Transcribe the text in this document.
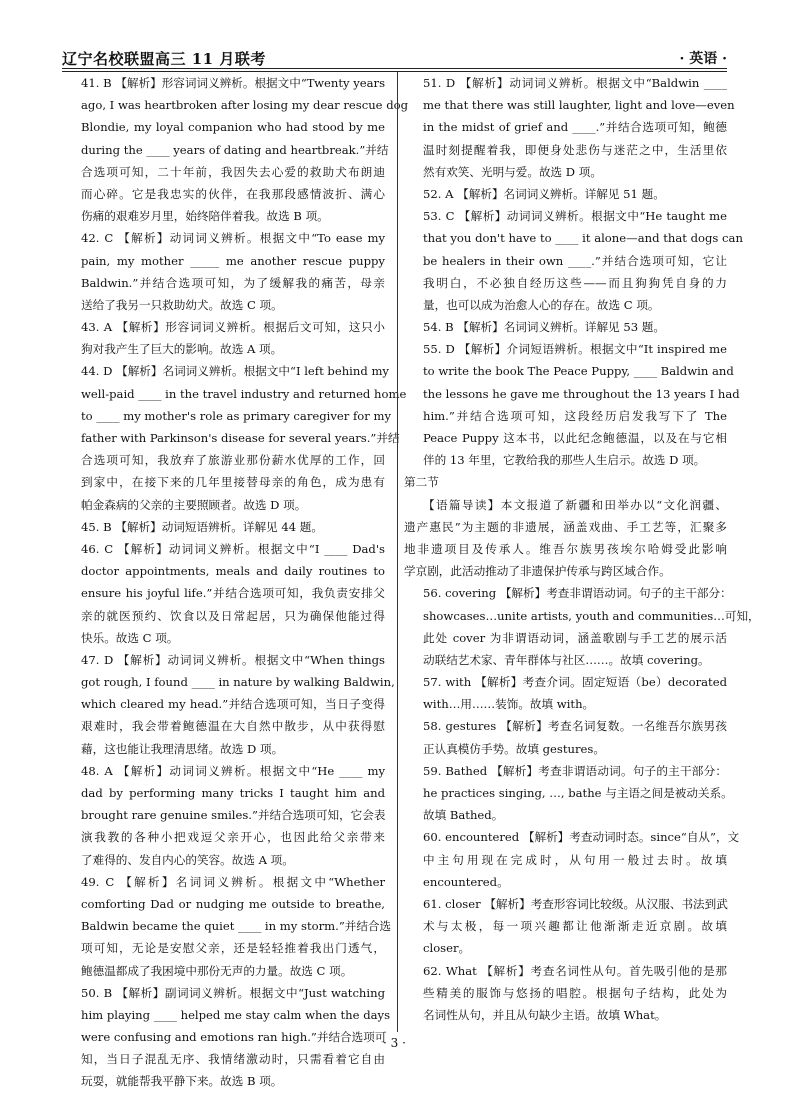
辽宁名校联盟高三 11 月联考	· 英语 ·
41. B 【解析】形容词词义辨析。根据文中“Twenty years
ago, I was heartbroken after losing my dear rescue dog
Blondie, my loyal companion who had stood by me
during the ____ years of dating and heartbreak.”并结
合选项可知，二十年前，我因失去心爱的救助犬布朗迪
而心碎。它是我忠实的伙伴，在我那段感情波折、满心
伤痛的艰难岁月里，始终陪伴着我。故选 B 项。
42. C 【解析】动词词义辨析。根据文中“To ease my
pain, my mother _____ me another rescue puppy
Baldwin.”并结合选项可知，为了缓解我的痛苦，母亲
送给了我另一只救助幼犬。故选 C 项。
43. A 【解析】形容词词义辨析。根据后文可知，这只小
狗对我产生了巨大的影响。故选 A 项。
44. D 【解析】名词词义辨析。根据文中“I left behind my
well-paid ____ in the travel industry and returned home
to ____ my mother's role as primary caregiver for my
father with Parkinson's disease for several years.”并结
合选项可知，我放弃了旅游业那份薪水优厚的工作，回
到家中，在接下来的几年里接替母亲的角色，成为患有
帕金森病的父亲的主要照顾者。故选 D 项。
45. B 【解析】动词短语辨析。详解见 44 题。
46. C 【解析】动词词义辨析。根据文中“I ____ Dad's
doctor appointments, meals and daily routines to
ensure his joyful life.”并结合选项可知，我负责安排父
亲的就医预约、饮食以及日常起居，只为确保他能过得
快乐。故选 C 项。
47. D 【解析】动词词义辨析。根据文中“When things
got rough, I found ____ in nature by walking Baldwin,
which cleared my head.”并结合选项可知，当日子变得
艰难时，我会带着鲍德温在大自然中散步，从中获得慰
藉，这也能让我理清思绪。故选 D 项。
48. A 【解析】动词词义辨析。根据文中“He ____ my
dad by performing many tricks I taught him and
brought rare genuine smiles.”并结合选项可知，它会表
演我教的各种小把戏逗父亲开心，也因此给父亲带来
了难得的、发自内心的笑容。故选 A 项。
49. C 【解析】名词词义辨析。根据文中“Whether
comforting Dad or nudging me outside to breathe,
Baldwin became the quiet ____ in my storm.”并结合选
项可知，无论是安慰父亲，还是轻轻推着我出门透气，
鲍德温都成了我困境中那份无声的力量。故选 C 项。
50. B 【解析】副词词义辨析。根据文中“Just watching
him playing ____ helped me stay calm when the days
were confusing and emotions ran high.”并结合选项可
知，当日子混乱无序、我情绪激动时，只需看着它自由
玩耍，就能帮我平静下来。故选 B 项。
51. D 【解析】动词词义辨析。根据文中“Baldwin ____
me that there was still laughter, light and love—even
in the midst of grief and ____.”并结合选项可知，鲍德
温时刻提醒着我，即便身处悲伤与迷茫之中，生活里依
然有欢笑、光明与爱。故选 D 项。
52. A 【解析】名词词义辨析。详解见 51 题。
53. C 【解析】动词词义辨析。根据文中“He taught me
that you don't have to ____ it alone—and that dogs can
be healers in their own ____.”并结合选项可知，它让
我明白，不必独自经历这些——而且狗狗凭自身的力
量，也可以成为治愈人心的存在。故选 C 项。
54. B 【解析】名词词义辨析。详解见 53 题。
55. D 【解析】介词短语辨析。根据文中“It inspired me
to write the book The Peace Puppy, ____ Baldwin and
the lessons he gave me throughout the 13 years I had
him.”并结合选项可知，这段经历启发我写下了 The
Peace Puppy 这本书，以此纪念鲍德温，以及在与它相
伴的 13 年里，它教给我的那些人生启示。故选 D 项。
第二节
【语篇导读】本文报道了新疆和田举办以“文化润疆、
遗产惠民”为主题的非遗展，涵盖戏曲、手工艺等，汇聚多
地非遗项目及传承人。维吾尔族男孩埃尔哈姆受此影响
学京剧，此活动推动了非遗保护传承与跨区域合作。
56. covering 【解析】考查非谓语动词。句子的主干部分：
showcases…unite artists, youth and communities…可知，
此处 cover 为非谓语动词，涵盖歌剧与手工艺的展示活
动联结艺术家、青年群体与社区……。故填 covering。
57. with 【解析】考查介词。固定短语（be）decorated
with…用……装饰。故填 with。
58. gestures 【解析】考查名词复数。一名维吾尔族男孩
正认真模仿手势。故填 gestures。
59. Bathed 【解析】考查非谓语动词。句子的主干部分：
he practices singing, …, bathe 与主语之间是被动关系。
故填 Bathed。
60. encountered 【解析】考查动词时态。since“自从”，文
中主句用现在完成时，从句用一般过去时。故填
encountered。
61. closer 【解析】考查形容词比较级。从汉服、书法到武
术与太极，每一项兴趣都让他渐渐走近京剧。故填
closer。
62. What 【解析】考查名词性从句。首先吸引他的是那
些精美的服饰与悠扬的唱腔。根据句子结构，此处为
名词性从句，并且从句缺少主语。故填 What。
· 3 ·
